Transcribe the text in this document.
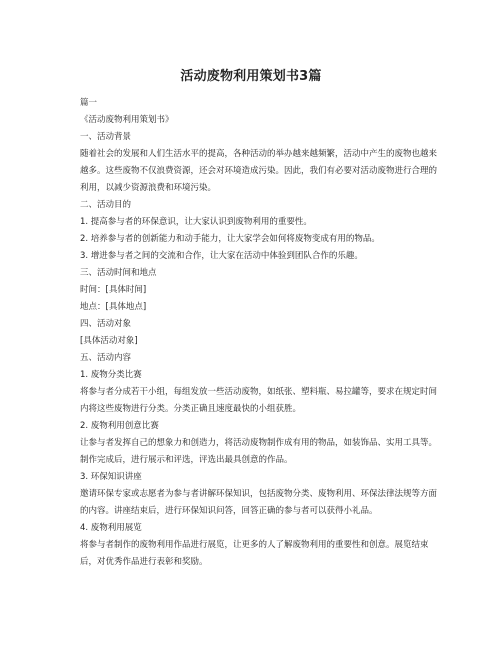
活动废物利用策划书3篇

篇一

《活动废物利用策划书》

一、活动背景

随着社会的发展和人们生活水平的提高，各种活动的举办越来越频繁，活动中产生的废物也越来越多。这些废物不仅浪费资源，还会对环境造成污染。因此，我们有必要对活动废物进行合理的利用，以减少资源浪费和环境污染。

二、活动目的

1. 提高参与者的环保意识，让大家认识到废物利用的重要性。

2. 培养参与者的创新能力和动手能力，让大家学会如何将废物变成有用的物品。

3. 增进参与者之间的交流和合作，让大家在活动中体验到团队合作的乐趣。

三、活动时间和地点

时间：[具体时间]

地点：[具体地点]

四、活动对象

[具体活动对象]

五、活动内容

1. 废物分类比赛

将参与者分成若干小组，每组发放一些活动废物，如纸张、塑料瓶、易拉罐等，要求在规定时间内将这些废物进行分类。分类正确且速度最快的小组获胜。

2. 废物利用创意比赛

让参与者发挥自己的想象力和创造力，将活动废物制作成有用的物品，如装饰品、实用工具等。制作完成后，进行展示和评选，评选出最具创意的作品。

3. 环保知识讲座

邀请环保专家或志愿者为参与者讲解环保知识，包括废物分类、废物利用、环保法律法规等方面的内容。讲座结束后，进行环保知识问答，回答正确的参与者可以获得小礼品。

4. 废物利用展览

将参与者制作的废物利用作品进行展览，让更多的人了解废物利用的重要性和创意。展览结束后，对优秀作品进行表彰和奖励。
